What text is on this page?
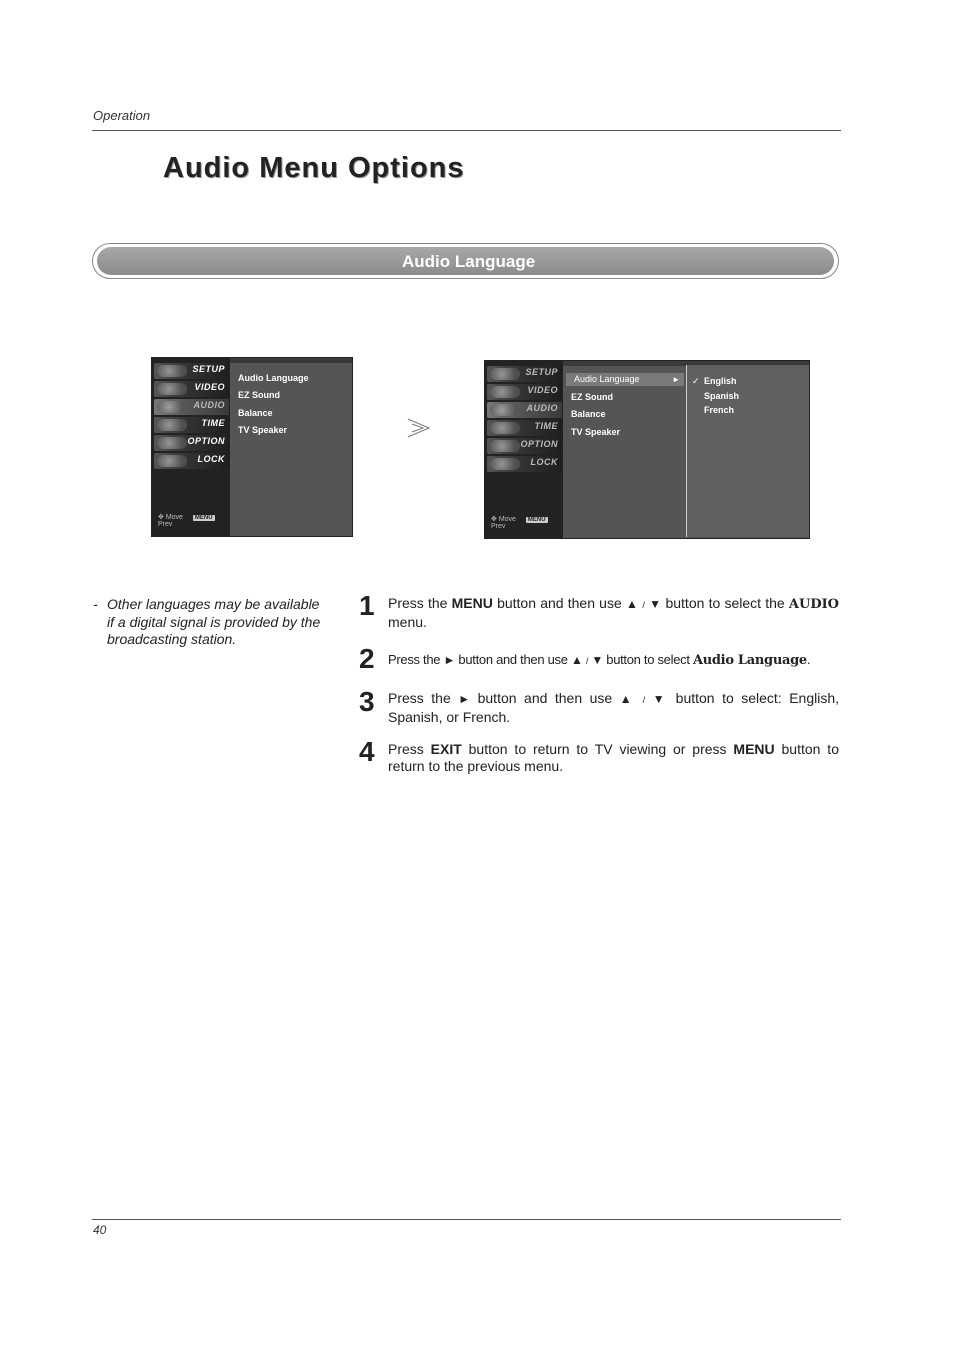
Operation
Audio Menu Options
Audio Language
SETUP
VIDEO
AUDIO
TIME
OPTION
LOCK
✥ Move MENU Prev
Audio Language
EZ Sound
Balance
TV Speaker
SETUP
VIDEO
AUDIO
TIME
OPTION
LOCK
✥ Move MENU Prev
Audio Language	►
EZ Sound
Balance
TV Speaker
✓ English
Spanish
French
- Other languages may be available if a digital signal is provided by the broadcasting station.
1 Press the MENU button and then use ▲ / ▼ button to select the AUDIO menu.
2 Press the ► button and then use ▲ / ▼ button to select Audio Language.
3 Press the ► button and then use ▲ / ▼ button to select: English, Spanish, or French.
4 Press EXIT button to return to TV viewing or press MENU button to return to the previous menu.
40
